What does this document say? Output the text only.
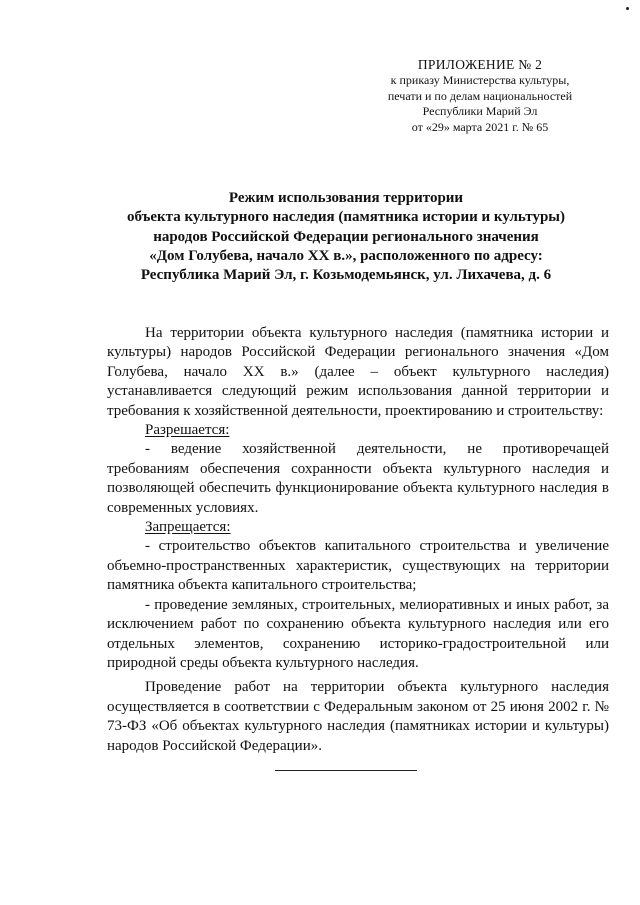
ПРИЛОЖЕНИЕ № 2
к приказу Министерства культуры,
печати и по делам национальностей
Республики Марий Эл
от «29» марта 2021 г. № 65
Режим использования территории
объекта культурного наследия (памятника истории и культуры)
народов Российской Федерации регионального значения
«Дом Голубева, начало XX в.», расположенного по адресу:
Республика Марий Эл, г. Козьмодемьянск, ул. Лихачева, д. 6

На территории объекта культурного наследия (памятника истории и культуры) народов Российской Федерации регионального значения «Дом Голубева, начало XX в.» (далее – объект культурного наследия) устанавливается следующий режим использования данной территории и требования к хозяйственной деятельности, проектированию и строительству:

Разрешается:

- ведение хозяйственной деятельности, не противоречащей требованиям обеспечения сохранности объекта культурного наследия и позволяющей обеспечить функционирование объекта культурного наследия в современных условиях.

Запрещается:

- строительство объектов капитального строительства и увеличение объемно-пространственных характеристик, существующих на территории памятника объекта капитального строительства;

- проведение земляных, строительных, мелиоративных и иных работ, за исключением работ по сохранению объекта культурного наследия или его отдельных элементов, сохранению историко-градостроительной или природной среды объекта культурного наследия.

Проведение работ на территории объекта культурного наследия осуществляется в соответствии с Федеральным законом от 25 июня 2002 г. № 73-ФЗ «Об объектах культурного наследия (памятниках истории и культуры) народов Российской Федерации».
